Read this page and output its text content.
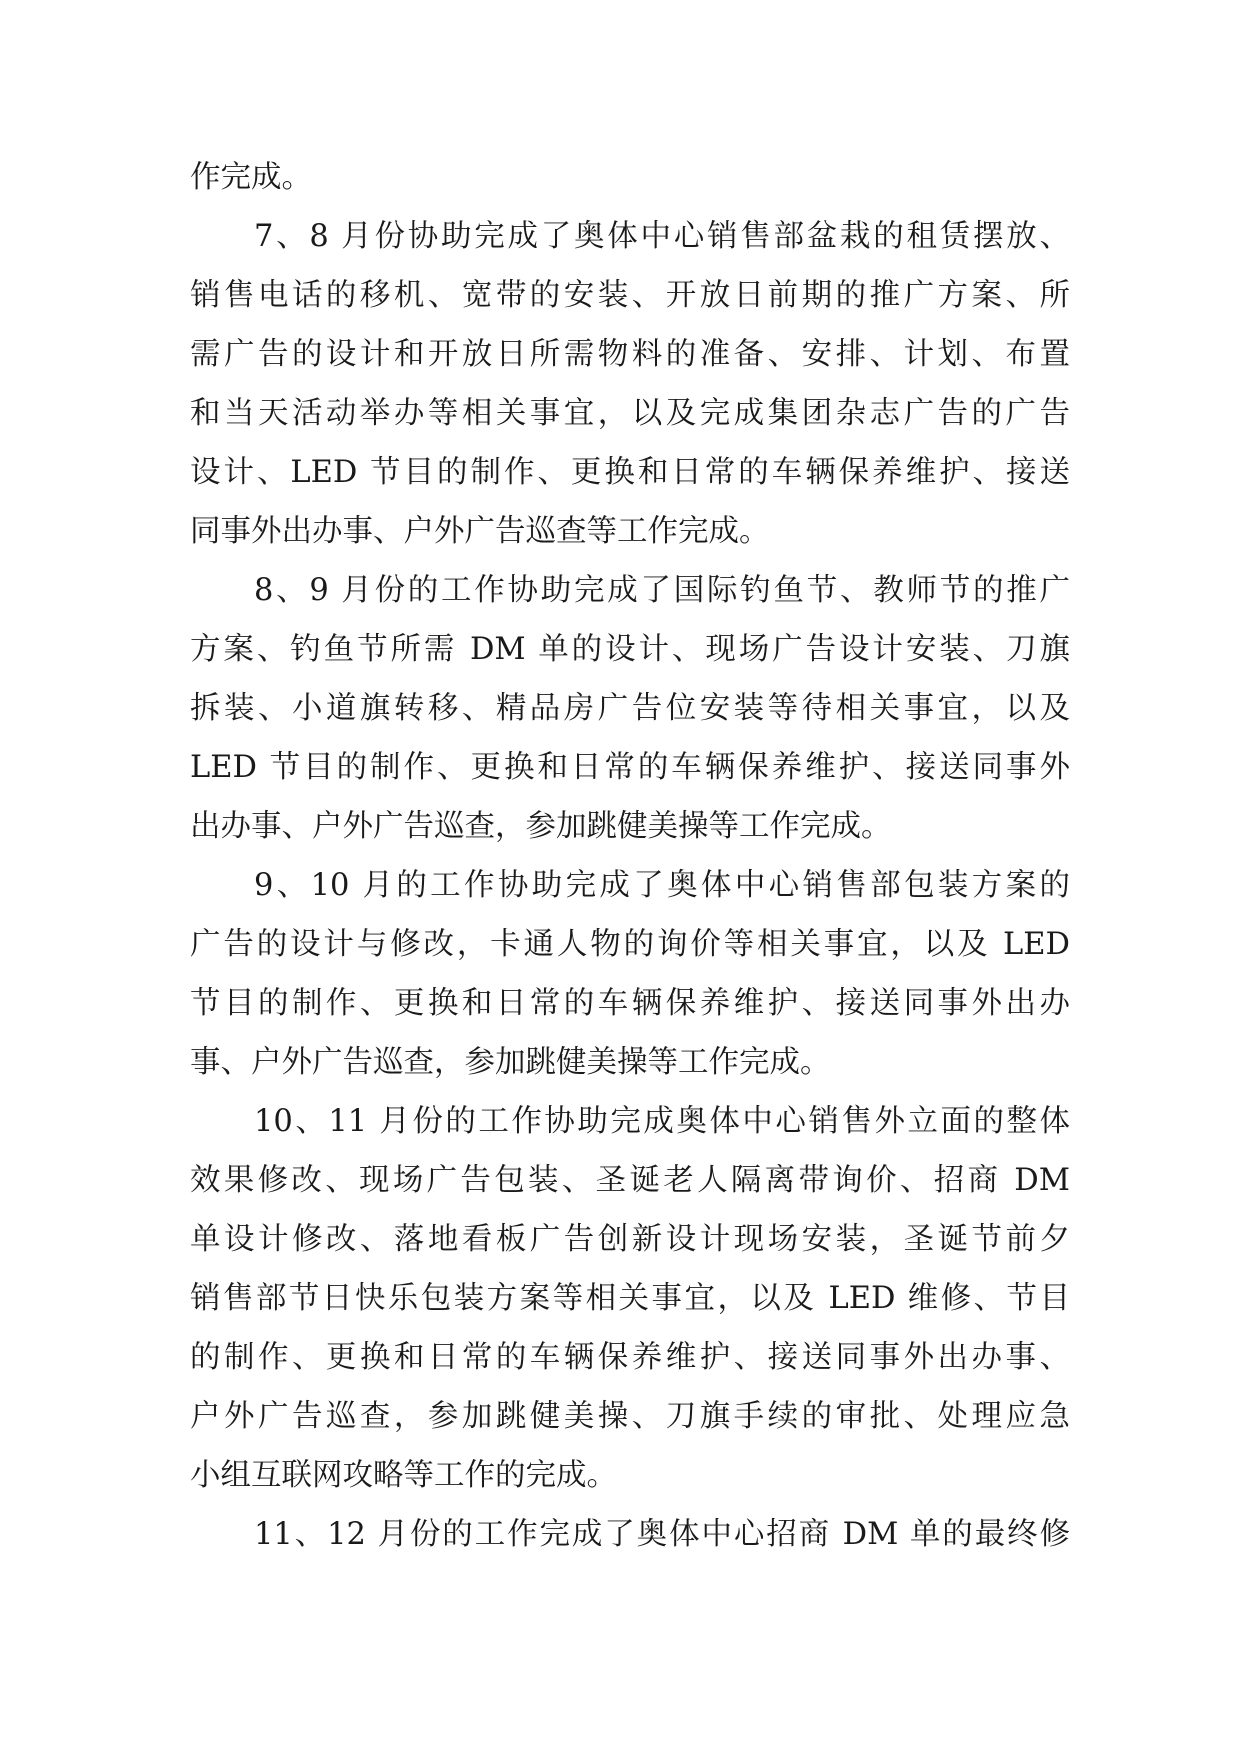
作完成。
7、8 月份协助完成了奥体中心销售部盆栽的租赁摆放、
销售电话的移机、宽带的安装、开放日前期的推广方案、所
需广告的设计和开放日所需物料的准备、安排、计划、布置
和当天活动举办等相关事宜，以及完成集团杂志广告的广告
设计、LED 节目的制作、更换和日常的车辆保养维护、接送
同事外出办事、户外广告巡查等工作完成。
8、9 月份的工作协助完成了国际钓鱼节、教师节的推广
方案、钓鱼节所需 DM 单的设计、现场广告设计安装、刀旗
拆装、小道旗转移、精品房广告位安装等待相关事宜，以及
LED 节目的制作、更换和日常的车辆保养维护、接送同事外
出办事、户外广告巡查，参加跳健美操等工作完成。
9、10 月的工作协助完成了奥体中心销售部包装方案的
广告的设计与修改，卡通人物的询价等相关事宜，以及 LED
节目的制作、更换和日常的车辆保养维护、接送同事外出办
事、户外广告巡查，参加跳健美操等工作完成。
10、11 月份的工作协助完成奥体中心销售外立面的整体
效果修改、现场广告包装、圣诞老人隔离带询价、招商 DM
单设计修改、落地看板广告创新设计现场安装，圣诞节前夕
销售部节日快乐包装方案等相关事宜，以及 LED 维修、节目
的制作、更换和日常的车辆保养维护、接送同事外出办事、
户外广告巡查，参加跳健美操、刀旗手续的审批、处理应急
小组互联网攻略等工作的完成。
11、12 月份的工作完成了奥体中心招商 DM 单的最终修
